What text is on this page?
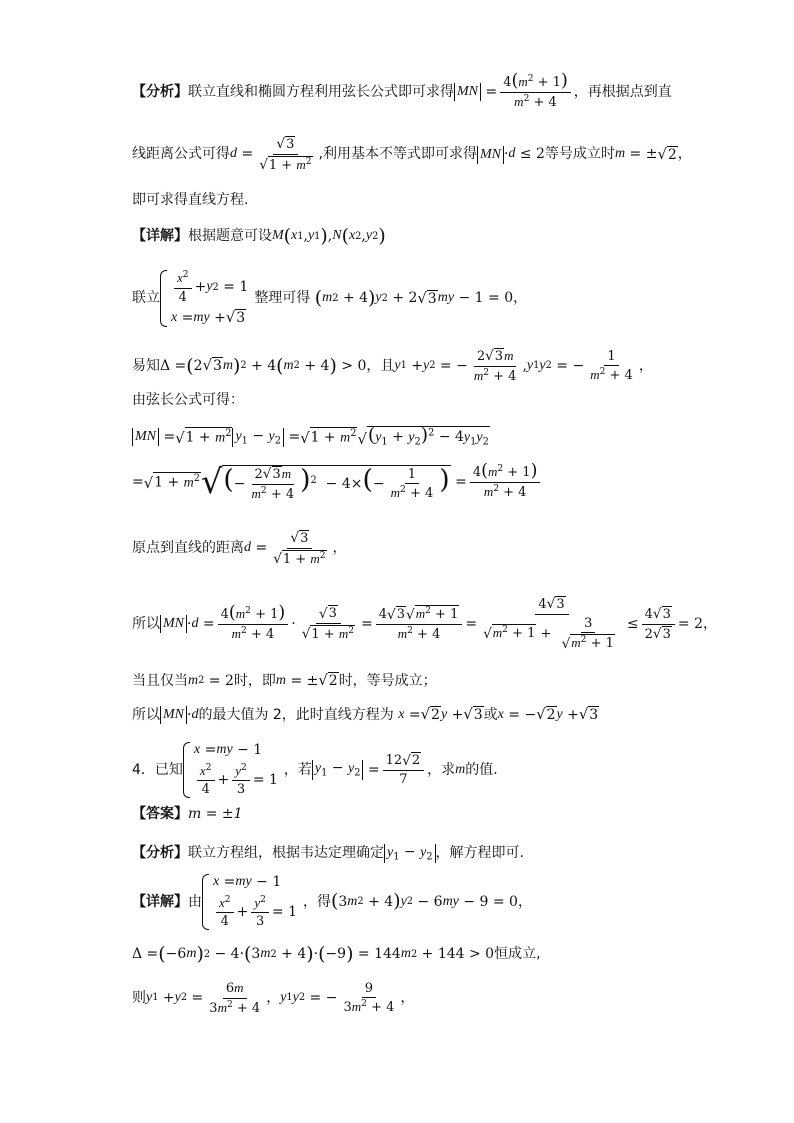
【分析】 联立直线和椭圆方程利用弦长公式即可求得 MN = $\frac{4(m^2 + 1)}{m^2 + 4}$ ，再根据点到直
线距离公式可得 $d = \frac{√ 3}{√ 1 + m^2}$ ,利用基本不等式即可求得 MN · d ≤ 2 等号成立时 m = ± √ 2 ，
即可求得直线方程.
【详解】 根据题意可设 M ( x 1 , y 1 ) , N ( x 2 , y 2 )
联立 $\frac{x^2}{4} + y$ 2 = 1
x = my + √ 3
整理可得
( m 2 + 4 ) y 2 + 2 √ 3 my − 1 = 0，
易知 Δ = ( 2 √ 3 m ) 2 + 4 ( m 2 + 4 ) > 0 ，且 y 1 + y 2 = − $\frac{2 √ 3 m}{m^2 + 4}$ , y 1 y 2 = − $\frac{1}{m^2 + 4}$ ，
由弦长公式可得：
MN = √ $1 + m^2$ $y_1 - y_2$ = √ $1 + m^2$ √ $(y_1 + y_2)^2 - 4y_1y_2$
= √ $1 + m^2$ √ (− $\frac{2 √ 3 m}{m^2 + 4} )^2 - 4\times(- \frac{1}{m^2 + 4}$ ) = $\frac{4(m^2 + 1)}{m^2 + 4}$
原点到直线的距离 $d = \frac{√ 3}{√ 1 + m^2}$ ，
所以 MN · $d = \frac{4(m^2 + 1)}{m^2 + 4} \cdot \frac{√ 3}{√ 1 + m^2} = \frac{4 √ 3 √ m^2 + 1}{m^2 + 4} = \frac{4 √ 3}{√ m^2 + 1 + \frac{3}{√ m^2 + 1}} \le \frac{4 √ 3}{2 √ 3} = 2$，
当且仅当 m 2 = 2 时，即 m = ± √ 2 时，等号成立；
所以 MN · d 的最大值为 2，此时直线方程为
x = √ 2 y + √ 3 或 x = − √ 2 y + √ 3
4．已知
x = my − 1
$\frac{x^2}{4} + \frac{y^2}{3} = 1$
，若 $y_1 - y_2 = \frac{12 √ 2}{7}$ ，求 m 的值.
【答案】 m = ±1
【分析】 联立方程组，根据韦达定理确定 $y_1 - y_2$ ，解方程即可.
【详解】 由
x = my − 1
$\frac{x^2}{4} + \frac{y^2}{3} = 1$
，得 ( 3 m 2 + 4 ) y 2 − 6 my − 9 = 0，
Δ = ( −6 m ) 2 − 4· ( 3 m 2 + 4 ) · ( −9 ) = 144 m 2 + 144 > 0 恒成立,
则 y 1 + y $2 = \frac{6m}{3m^2 + 4}$ ， y 1 y 2 = − $\frac{9}{3m^2 + 4}$ ，
